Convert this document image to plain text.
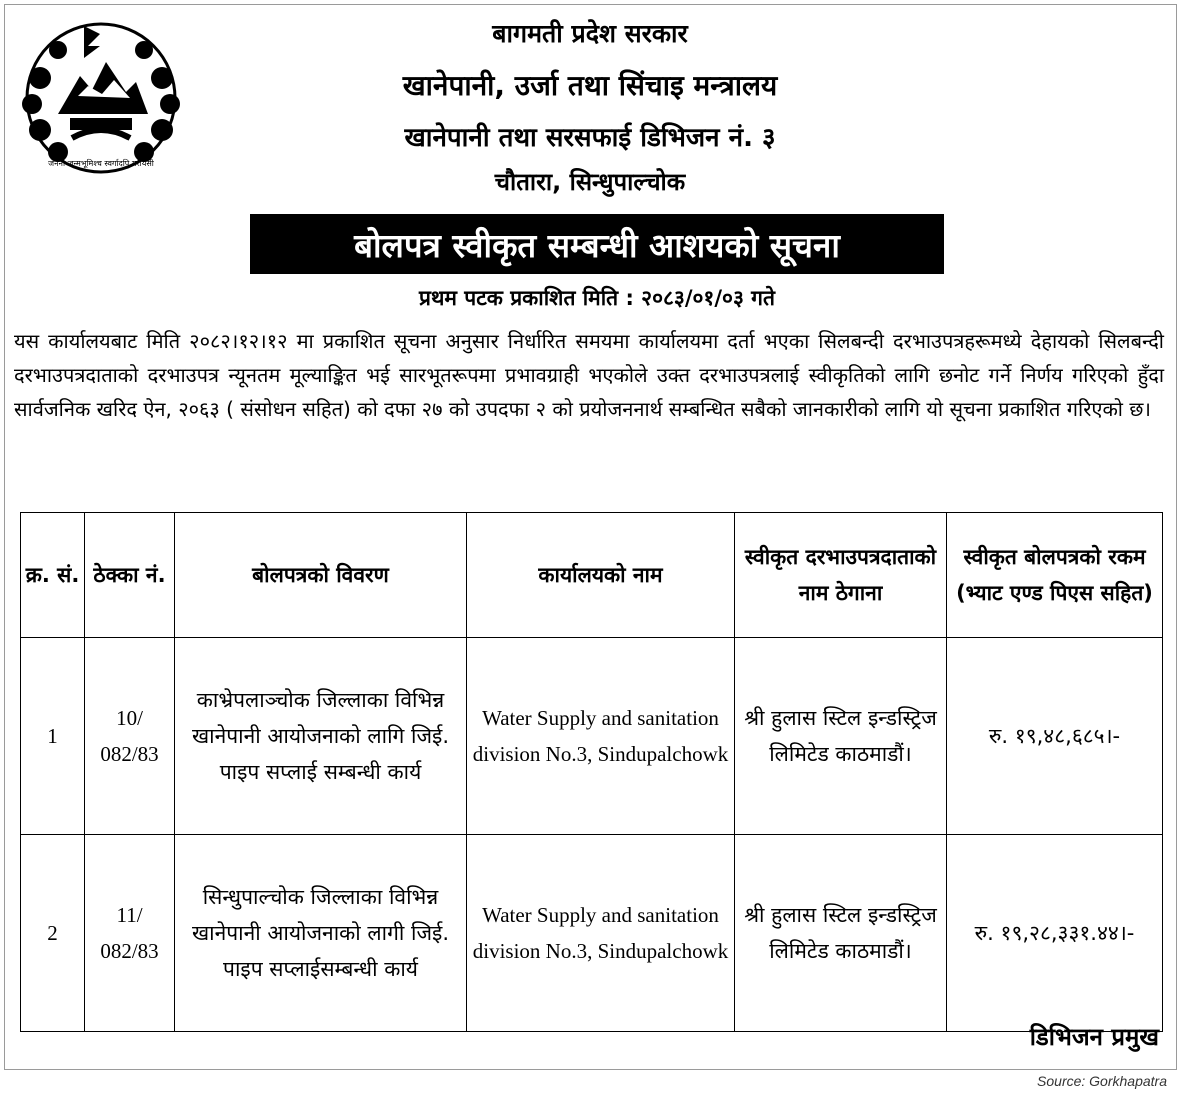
जननी जन्मभूमिश्च स्वर्गादपि गरीयसी
बागमती प्रदेश सरकार
खानेपानी, उर्जा तथा सिंचाइ मन्त्रालय
खानेपानी तथा सरसफाई डिभिजन नं. ३
चौतारा, सिन्धुपाल्चोक
बोलपत्र स्वीकृत सम्बन्धी आशयको सूचना
प्रथम पटक प्रकाशित मिति : २०८३/०१/०३ गते
यस कार्यालयबाट मिति २०८२।१२।१२ मा प्रकाशित सूचना अनुसार निर्धारित समयमा कार्यालयमा दर्ता भएका सिलबन्दी दरभाउपत्रहरूमध्ये देहायको सिलबन्दी दरभाउपत्रदाताको दरभाउपत्र न्यूनतम मूल्याङ्कित भई सारभूतरूपमा प्रभावग्राही भएकोले उक्त दरभाउपत्रलाई स्वीकृतिको लागि छनोट गर्ने निर्णय गरिएको हुँदा सार्वजनिक खरिद ऐन, २०६३ ( संसोधन सहित) को दफा २७ को उपदफा २ को प्रयोजननार्थ सम्बन्धित सबैको जानकारीको लागि यो सूचना प्रकाशित गरिएको छ।
क्र. सं.	ठेक्का नं.	बोलपत्रको विवरण	कार्यालयको नाम	स्वीकृत दरभाउपत्रदाताको नाम ठेगाना	स्वीकृत बोलपत्रको रकम (भ्याट एण्ड पिएस सहित)
1	10/ 082/83	काभ्रेपलाञ्चोक जिल्लाका विभिन्न खानेपानी आयोजनाको लागि जिई. पाइप सप्लाई सम्बन्धी कार्य	Water Supply and sanitation division No.3, Sindupalchowk	श्री हुलास स्टिल इन्डस्ट्रिज लिमिटेड काठमाडौं।	रु. १९,४८,६८५।-
2	11/ 082/83	सिन्धुपाल्चोक जिल्लाका विभिन्न खानेपानी आयोजनाको लागी जिई. पाइप सप्लाईसम्बन्धी कार्य	Water Supply and sanitation division No.3, Sindupalchowk	श्री हुलास स्टिल इन्डस्ट्रिज लिमिटेड काठमाडौं।	रु. १९,२८,३३१.४४।-
डिभिजन प्रमुख
Source: Gorkhapatra
